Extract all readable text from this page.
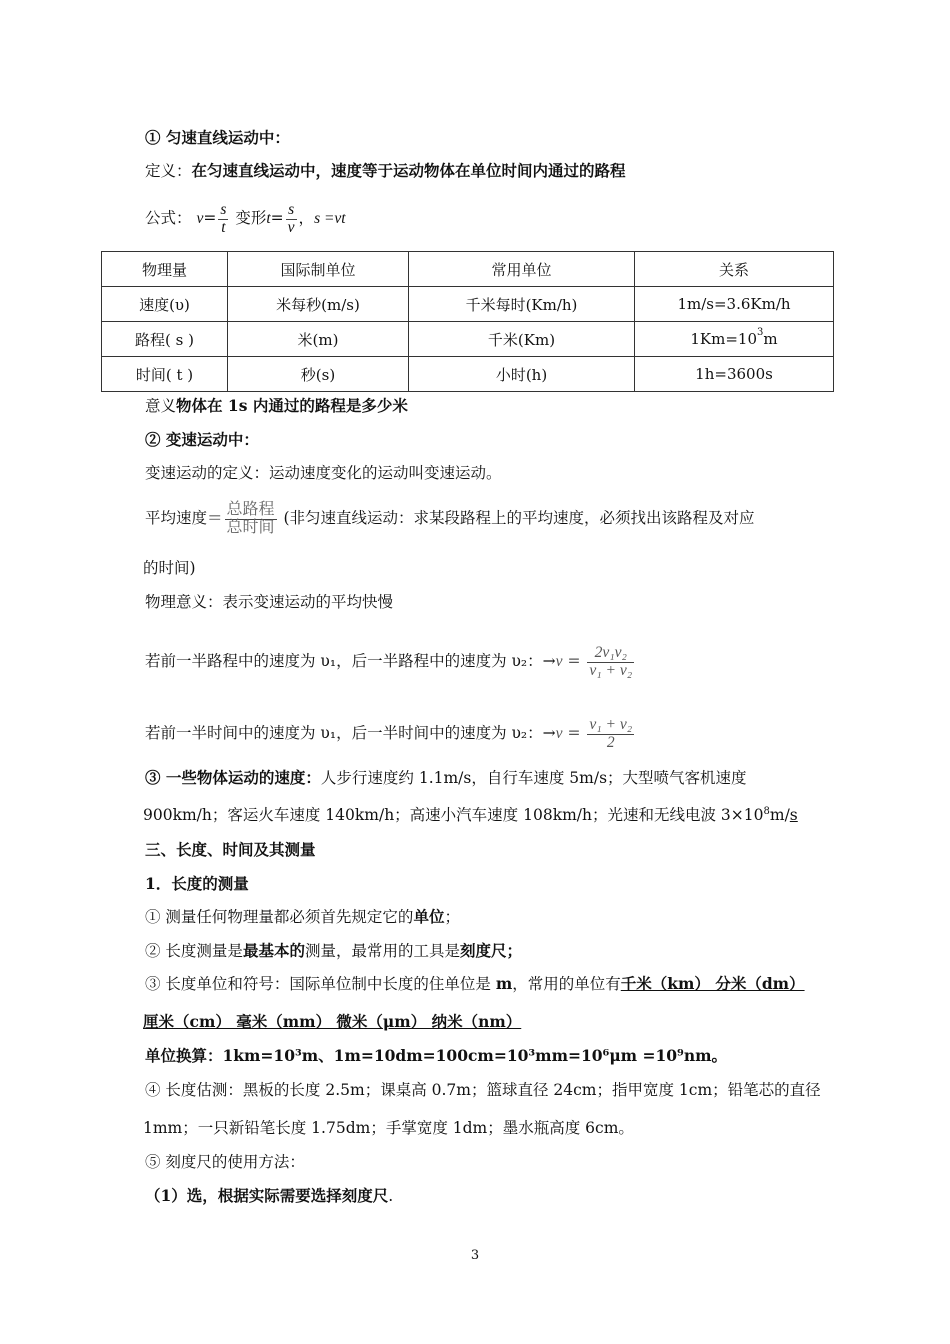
① 匀速直线运动中：
定义：在匀速直线运动中，速度等于运动物体在单位时间内通过的路程
公式： $v= \frac{s}{t}$ 变形$t= \frac{s}{v}$ ，s =vt
物理量	国际制单位	常用单位	关系
速度(υ)	米每秒(m/s)	千米每时(Km/h)	1m/s=3.6Km/h
路程( s )	米(m)	千米(Km)	$1Km=10^3m$
时间( t )	秒(s)	小时(h)	1h=3600s
意义物体在 1s 内通过的路程是多少米
② 变速运动中：
变速运动的定义：运动速度变化的运动叫变速运动。
平均速度＝ $\frac{\text{总路程}}{\text{总时间}}$ (非匀速直线运动：求某段路程上的平均速度，必须找出该路程及对应
的时间)
物理意义：表示变速运动的平均快慢
若前一半路程中的速度为 υ₁，后一半路程中的速度为 υ₂：$\to v = \frac{\text{2v₁v₂}}{\text{v₁ + v₂}}$
若前一半时间中的速度为 υ₁，后一半时间中的速度为 υ₂：$\to v = \frac{\text{v₁ + v₂}}{2}$
③ 一些物体运动的速度：人步行速度约 1.1m/s，自行车速度 5m/s；大型喷气客机速度
900km/h；客运火车速度 140km/h；高速小汽车速度 108km/h；光速和无线电波 $3\times 10^8m/s$
三、长度、时间及其测量
1．长度的测量
① 测量任何物理量都必须首先规定它的单位；
② 长度测量是最基本的测量，最常用的工具是刻度尺；
③ 长度单位和符号：国际单位制中长度的住单位是 m，常用的单位有千米（km） 分米（dm）
厘米（cm） 毫米（mm） 微米（μm） 纳米（nm）
单位换算：1km=10³m、1m=10dm=100cm=10³mm=10⁶μm =10⁹nm。
④ 长度估测：黑板的长度 2.5m；课桌高 0.7m；篮球直径 24cm；指甲宽度 1cm；铅笔芯的直径
1mm；一只新铅笔长度 1.75dm；手掌宽度 1dm；墨水瓶高度 6cm。
⑤ 刻度尺的使用方法：
（1）选，根据实际需要选择刻度尺.
3
